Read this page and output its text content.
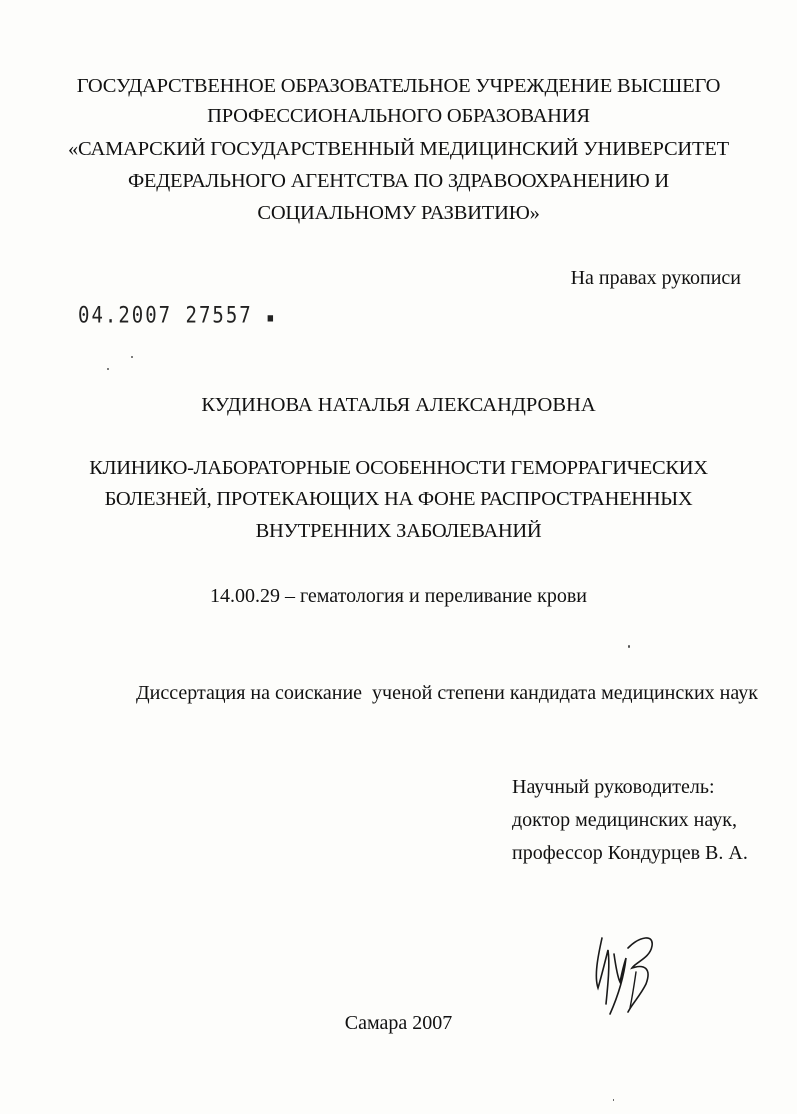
ГОСУДАРСТВЕННОЕ ОБРАЗОВАТЕЛЬНОЕ УЧРЕЖДЕНИЕ ВЫСШЕГО
ПРОФЕССИОНАЛЬНОГО ОБРАЗОВАНИЯ
«САМАРСКИЙ ГОСУДАРСТВЕННЫЙ МЕДИЦИНСКИЙ УНИВЕРСИТЕТ
ФЕДЕРАЛЬНОГО АГЕНТСТВА ПО ЗДРАВООХРАНЕНИЮ И
СОЦИАЛЬНОМУ РАЗВИТИЮ»
На правах рукописи
04.2007 27557 ▪
КУДИНОВА НАТАЛЬЯ АЛЕКСАНДРОВНА
КЛИНИКО-ЛАБОРАТОРНЫЕ ОСОБЕННОСТИ ГЕМОРРАГИЧЕСКИХ
БОЛЕЗНЕЙ, ПРОТЕКАЮЩИХ НА ФОНЕ РАСПРОСТРАНЕННЫХ
ВНУТРЕННИХ ЗАБОЛЕВАНИЙ
14.00.29 – гематология и переливание крови
Диссертация на соискание  ученой степени кандидата медицинских наук
Научный руководитель:
доктор медицинских наук,
профессор Кондурцев В. А.
Самара 2007
